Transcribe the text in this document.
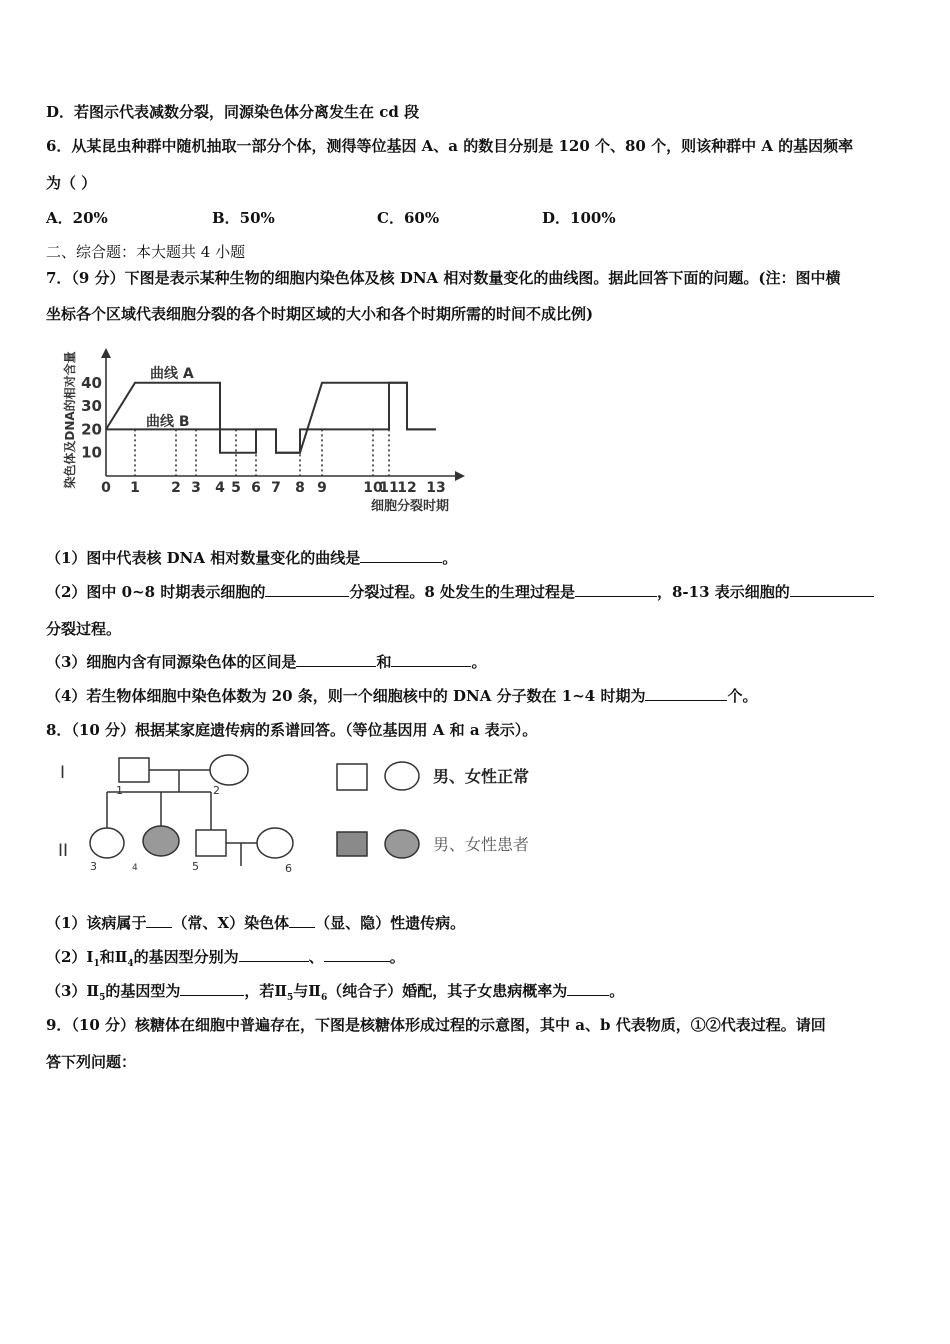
D．若图示代表减数分裂，同源染色体分离发生在 cd 段
6．从某昆虫种群中随机抽取一部分个体，测得等位基因 A、a 的数目分别是 120 个、80 个，则该种群中 A 的基因频率
为（ ）
A．20%	B．50%	C．60%	D．100%
二、综合题：本大题共 4 小题
7．（9 分）下图是表示某种生物的细胞内染色体及核 DNA 相对数量变化的曲线图。据此回答下面的问题。(注：图中横
坐标各个区域代表细胞分裂的各个时期区域的大小和各个时期所需的时间不成比例)
10
20
30
40
0 1 2 3 4 5 6 7 8 9	10
11
12 13
曲线 A
曲线 B
细胞分裂时期
染色体及DNA的相对含量
（1）图中代表核 DNA 相对数量变化的曲线是	。
（2）图中 0~8 时期表示细胞的	分裂过程。8 处发生的生理过程是	，8-13 表示细胞的
分裂过程。
（3）细胞内含有同源染色体的区间是	和	。
（4）若生物体细胞中染色体数为 20 条，则一个细胞核中的 DNA 分子数在 1~4 时期为	个。
8．（10 分）根据某家庭遗传病的系谱回答。（等位基因用 A 和 a 表示）。
I
II
1	2
3	4	5	6
男、女性正常
男、女性患者
（1）该病属于 （常、X）染色体 （显、隐）性遗传病。
$(2)Ⅰ_1$和$Ⅱ_4$的基因型分别为	、	。
$(3)Ⅱ_5$的基因型为	，若$Ⅱ_5$与$Ⅱ_6$（纯合子）婚配，其子女患病概率为	。
9．（10 分）核糖体在细胞中普遍存在，下图是核糖体形成过程的示意图，其中 a、b 代表物质，①②代表过程。请回
答下列问题：
